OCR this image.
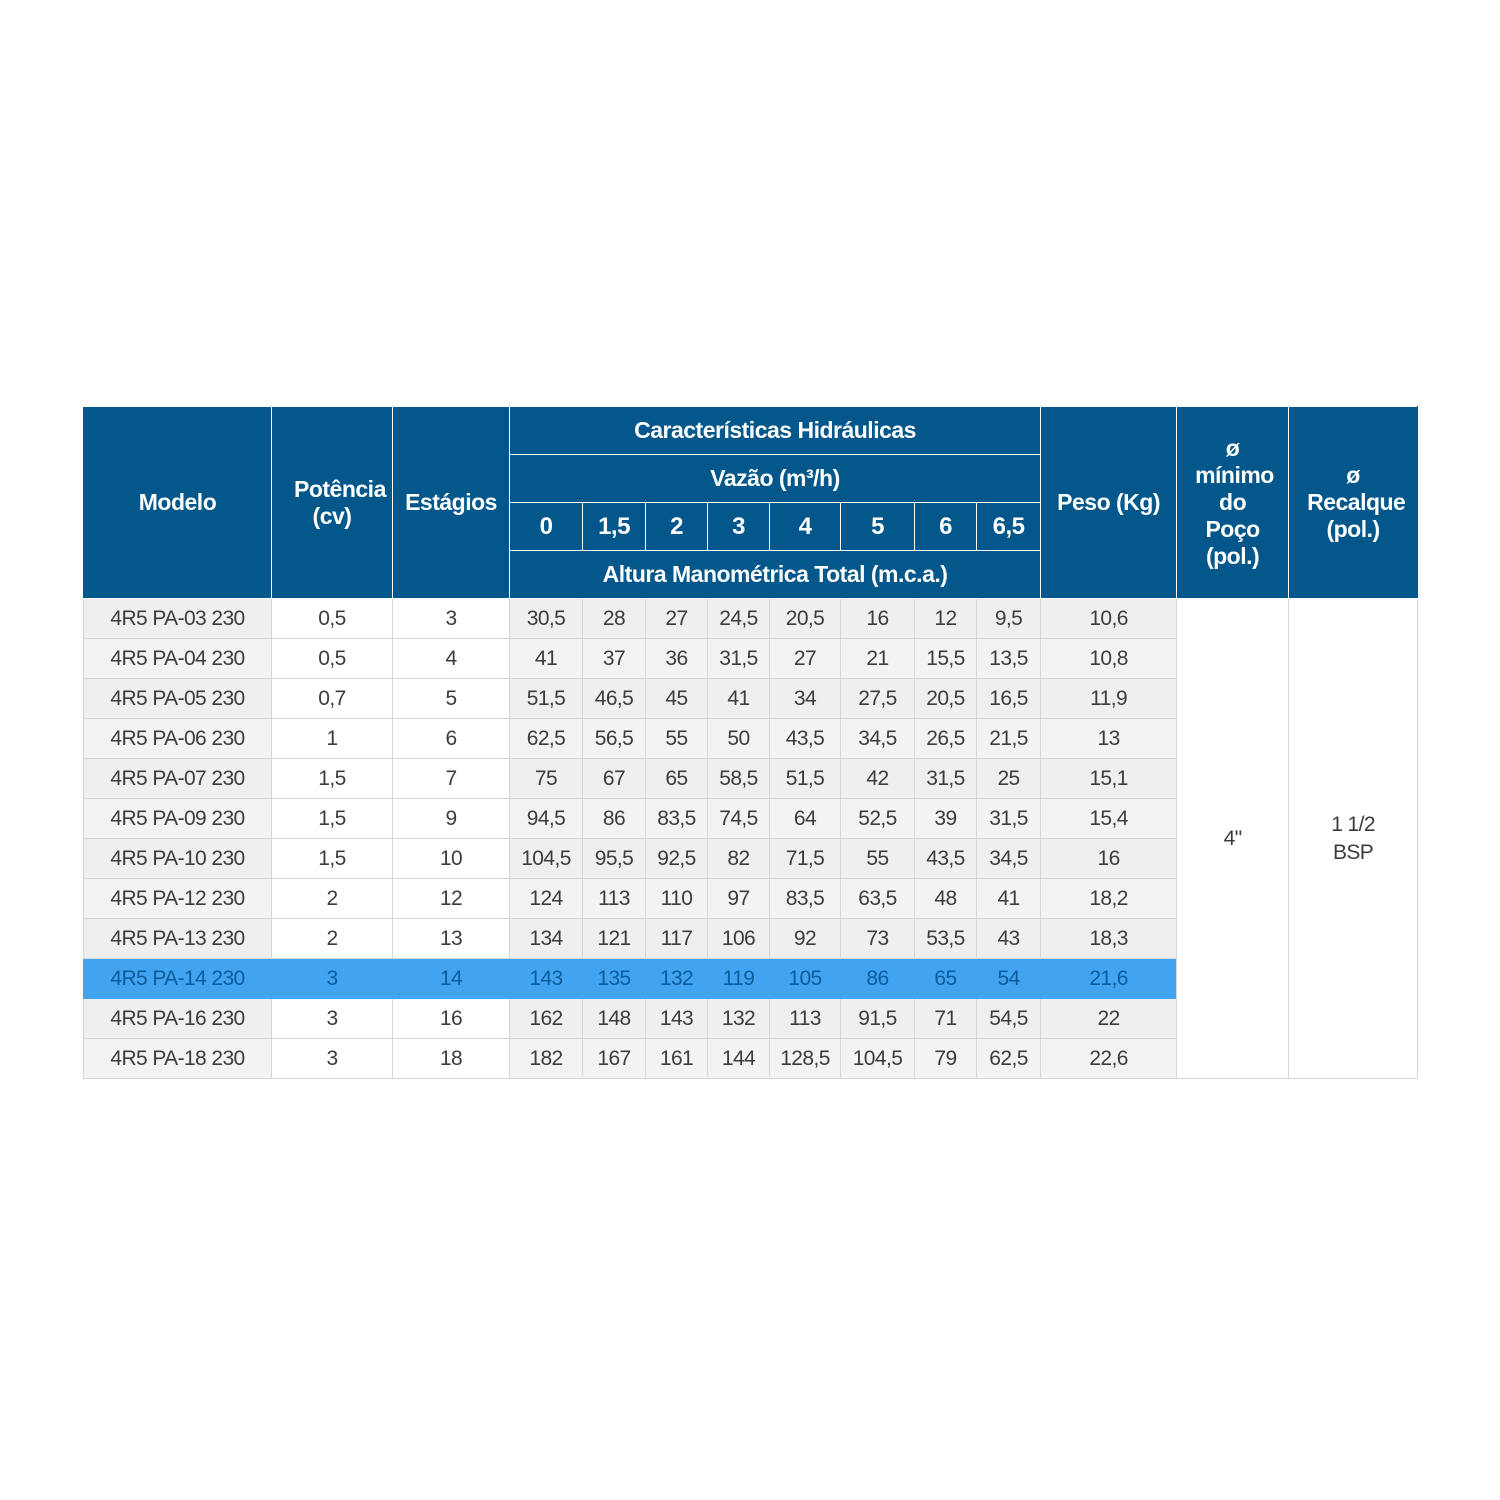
Modelo	Potência (cv)	Estágios	Características Hidráulicas								Peso (Kg)	ø mínimo do Poço (pol.)	ø Recalque (pol.)
			Vazão (m³/h)										
			0	1,5	2	3	4	5	6	6,5			
			Altura Manométrica Total (m.c.a.)										
4R5 PA-03 230	0,5	3	30,5	28	27	24,5	20,5	16	12	9,5	10,6	4"	1 1/2
BSP

4R5 PA-04 230	0,5	4	41	37	36	31,5	27	21	15,5	13,5	10,8		
4R5 PA-05 230	0,7	5	51,5	46,5	45	41	34	27,5	20,5	16,5	11,9		
4R5 PA-06 230	1	6	62,5	56,5	55	50	43,5	34,5	26,5	21,5	13		
4R5 PA-07 230	1,5	7	75	67	65	58,5	51,5	42	31,5	25	15,1		
4R5 PA-09 230	1,5	9	94,5	86	83,5	74,5	64	52,5	39	31,5	15,4		
4R5 PA-10 230	1,5	10	104,5	95,5	92,5	82	71,5	55	43,5	34,5	16		
4R5 PA-12 230	2	12	124	113	110	97	83,5	63,5	48	41	18,2		
4R5 PA-13 230	2	13	134	121	117	106	92	73	53,5	43	18,3		
4R5 PA-14 230	3	14	143	135	132	119	105	86	65	54	21,6		
4R5 PA-16 230	3	16	162	148	143	132	113	91,5	71	54,5	22		
4R5 PA-18 230	3	18	182	167	161	144	128,5	104,5	79	62,5	22,6		
